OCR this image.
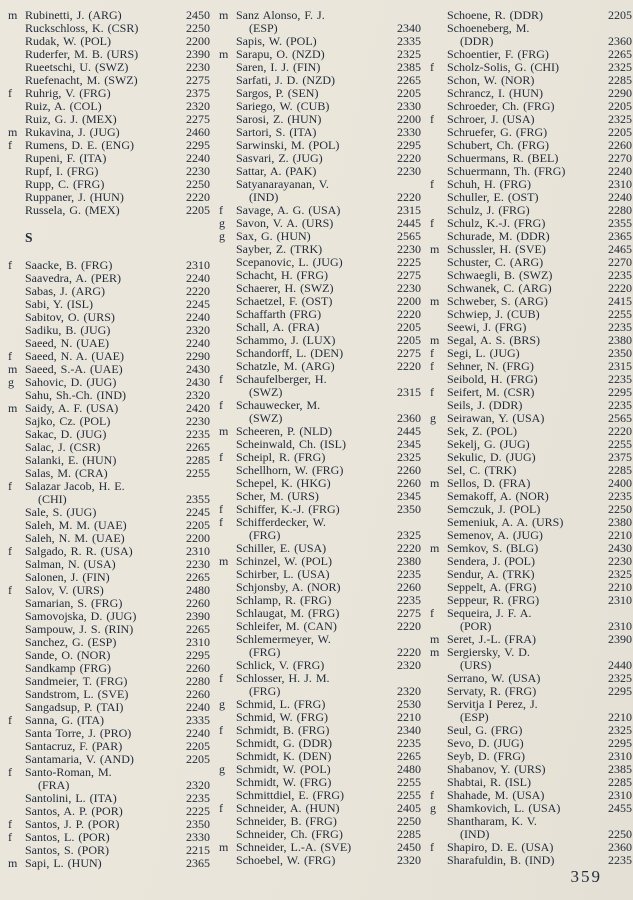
m Rubinetti, J. (ARG)	2450
Ruckschloss, K. (CSR)	2250
Rudak, W. (POL)	2200
Ruderfer, M. B. (URS)	2390
Rueetschi, U. (SWZ)	2230
Ruefenacht, M. (SWZ)	2275
f	Ruhrig, V. (FRG)	2375
Ruiz, A. (COL)	2320
Ruiz, G. J. (MEX)	2275
m Rukavina, J. (JUG)	2460
f	Rumens, D. E. (ENG)	2295
Rupeni, F. (ITA)	2240
Rupf, I. (FRG)	2230
Rupp, C. (FRG)	2250
Ruppaner, J. (HUN)	2220
Russela, G. (MEX)	2205
S
f	Saacke, B. (FRG)	2310
Saavedra, A. (PER)	2240
Sabas, J. (ARG)	2220
Sabi, Y. (ISL)	2245
Sabitov, O. (URS)	2240
Sadiku, B. (JUG)	2320
Saeed, N. (UAE)	2240
f	Saeed, N. A. (UAE)	2290
m Saeed, S.-A. (UAE)	2430
g Sahovic, D. (JUG)	2430
Sahu, Sh.-Ch. (IND)	2320
m Saidy, A. F. (USA)	2420
Sajko, Cz. (POL)	2230
Sakac, D. (JUG)	2235
Salac, J. (CSR)	2265
Salanki, E. (HUN)	2285
Salas, M. (CRA)	2255
f	Salazar Jacob, H. E.
(CHI)	2355
Sale, S. (JUG)	2245
Saleh, M. M. (UAE)	2205
Saleh, N. M. (UAE)	2200
f	Salgado, R. R. (USA)	2310
Salman, N. (USA)	2230
Salonen, J. (FIN)	2265
f	Salov, V. (URS)	2480
Samarian, S. (FRG)	2260
Samovojska, D. (JUG)	2390
Sampouw, J. S. (RIN)	2265
Sanchez, G. (ESP)	2310
Sande, O. (NOR)	2295
Sandkamp (FRG)	2260
Sandmeier, T. (FRG)	2280
Sandstrom, L. (SVE)	2260
Sangadsup, P. (TAI)	2240
f	Sanna, G. (ITA)	2335
Santa Torre, J. (PRO)	2240
Santacruz, F. (PAR)	2205
Santamaria, V. (AND)	2205
f	Santo-Roman, M.
(FRA)	2320
Santolini, L. (ITA)	2235
Santos, A. P. (POR)	2225
f	Santos, J. P. (POR)	2350
f	Santos, L. (POR)	2330
Santos, S. (POR)	2215
m Sapi, L. (HUN)	2365
m Sanz Alonso, F. J.
(ESP)	2340
Sapis, W. (POL)	2335
m Sarapu, O. (NZD)	2325
Saren, I. J. (FIN)	2385
Sarfati, J. D. (NZD)	2265
Sargos, P. (SEN)	2205
Sariego, W. (CUB)	2330
Sarosi, Z. (HUN)	2200
Sartori, S. (ITA)	2330
Sarwinski, M. (POL)	2295
Sasvari, Z. (JUG)	2220
Sattar, A. (PAK)	2230
Satyanarayanan, V.
(IND)	2220
f	Savage, A. G. (USA)	2315
g Savon, V. A. (URS)	2445
g Sax, G. (HUN)	2565
Sayber, Z. (TRK)	2230
Scepanovic, L. (JUG)	2225
Schacht, H. (FRG)	2275
Schaerer, H. (SWZ)	2230
Schaetzel, F. (OST)	2200
Schaffarth (FRG)	2220
Schall, A. (FRA)	2205
Schammo, J. (LUX)	2205
Schandorff, L. (DEN)	2275
Schatzle, M. (ARG)	2220
f	Schaufelberger, H.
(SWZ)	2315
f	Schauwecker, M.
(SWZ)	2360
m Scheeren, P. (NLD)	2445
Scheinwald, Ch. (ISL)	2345
f	Scheipl, R. (FRG)	2325
Schellhorn, W. (FRG)	2260
Schepel, K. (HKG)	2260
Scher, M. (URS)	2345
f	Schiffer, K.-J. (FRG)	2350
f	Schifferdecker, W.
(FRG)	2325
Schiller, E. (USA)	2220
m Schinzel, W. (POL)	2380
Schirber, L. (USA)	2235
Schjonsby, A. (NOR)	2260
Schlamp, R. (FRG)	2235
Schlaugat, M. (FRG)	2275
Schleifer, M. (CAN)	2220
Schlemermeyer, W.
(FRG)	2220
Schlick, V. (FRG)	2320
f	Schlosser, H. J. M.
(FRG)	2320
g Schmid, L. (FRG)	2530
Schmid, W. (FRG)	2210
f	Schmidt, B. (FRG)	2340
Schmidt, G. (DDR)	2235
Schmidt, K. (DEN)	2265
g Schmidt, W. (POL)	2480
Schmidt, W. (FRG)	2255
Schmittdiel, E. (FRG)	2255
f	Schneider, A. (HUN)	2405
Schneider, B. (FRG)	2250
Schneider, Ch. (FRG)	2285
m Schneider, L.-A. (SVE)	2450
Schoebel, W. (FRG)	2320
Schoene, R. (DDR)	2205
Schoeneberg, M.
(DDR)	2360
Schoentier, F. (FRG)	2265
f	Scholz-Solis, G. (CHI)	2325
Schon, W. (NOR)	2285
Schrancz, I. (HUN)	2290
Schroeder, Ch. (FRG)	2205
f	Schroer, J. (USA)	2325
Schruefer, G. (FRG)	2205
Schubert, Ch. (FRG)	2260
Schuermans, R. (BEL)	2270
Schuermann, Th. (FRG)	2240
f	Schuh, H. (FRG)	2310
Schuller, E. (OST)	2240
Schulz, J. (FRG)	2280
f	Schulz, K.-J. (FRG)	2355
Schurade, M. (DDR)	2365
m Schussler, H. (SVE)	2465
Schuster, C. (ARG)	2270
Schwaegli, B. (SWZ)	2235
Schwanek, C. (ARG)	2220
m Schweber, S. (ARG)	2415
Schwiep, J. (CUB)	2255
Seewi, J. (FRG)	2235
m Segal, A. S. (BRS)	2380
f	Segi, L. (JUG)	2350
f	Sehner, N. (FRG)	2315
Seibold, H. (FRG)	2235
f	Seifert, M. (CSR)	2295
Seils, J. (DDR)	2235
g Seirawan, Y. (USA)	2565
Sek, Z. (POL)	2220
Sekelj, G. (JUG)	2255
Sekulic, D. (JUG)	2375
Sel, C. (TRK)	2285
m Sellos, D. (FRA)	2400
Semakoff, A. (NOR)	2235
Semczuk, J. (POL)	2250
Semeniuk, A. A. (URS)	2380
Semenov, A. (JUG)	2210
m Semkov, S. (BLG)	2430
Sendera, J. (POL)	2230
Sendur, A. (TRK)	2325
Seppelt, A. (FRG)	2210
Seppeur, R. (FRG)	2310
f	Sequeira, J. F. A.
(POR)	2310
m Seret, J.-L. (FRA)	2390
m Sergiersky, V. D.
(URS)	2440
Serrano, W. (USA)	2325
Servaty, R. (FRG)	2295
Servitja I Perez, J.
(ESP)	2210
Seul, G. (FRG)	2325
Sevo, D. (JUG)	2295
Seyb, D. (FRG)	2310
Shabanov, Y. (URS)	2385
Shabtai, R. (ISL)	2285
f	Shahade, M. (USA)	2310
g Shamkovich, L. (USA)	2455
Shantharam, K. V.
(IND)	2250
f	Shapiro, D. E. (USA)	2360
Sharafuldin, B. (IND)	2235
359
